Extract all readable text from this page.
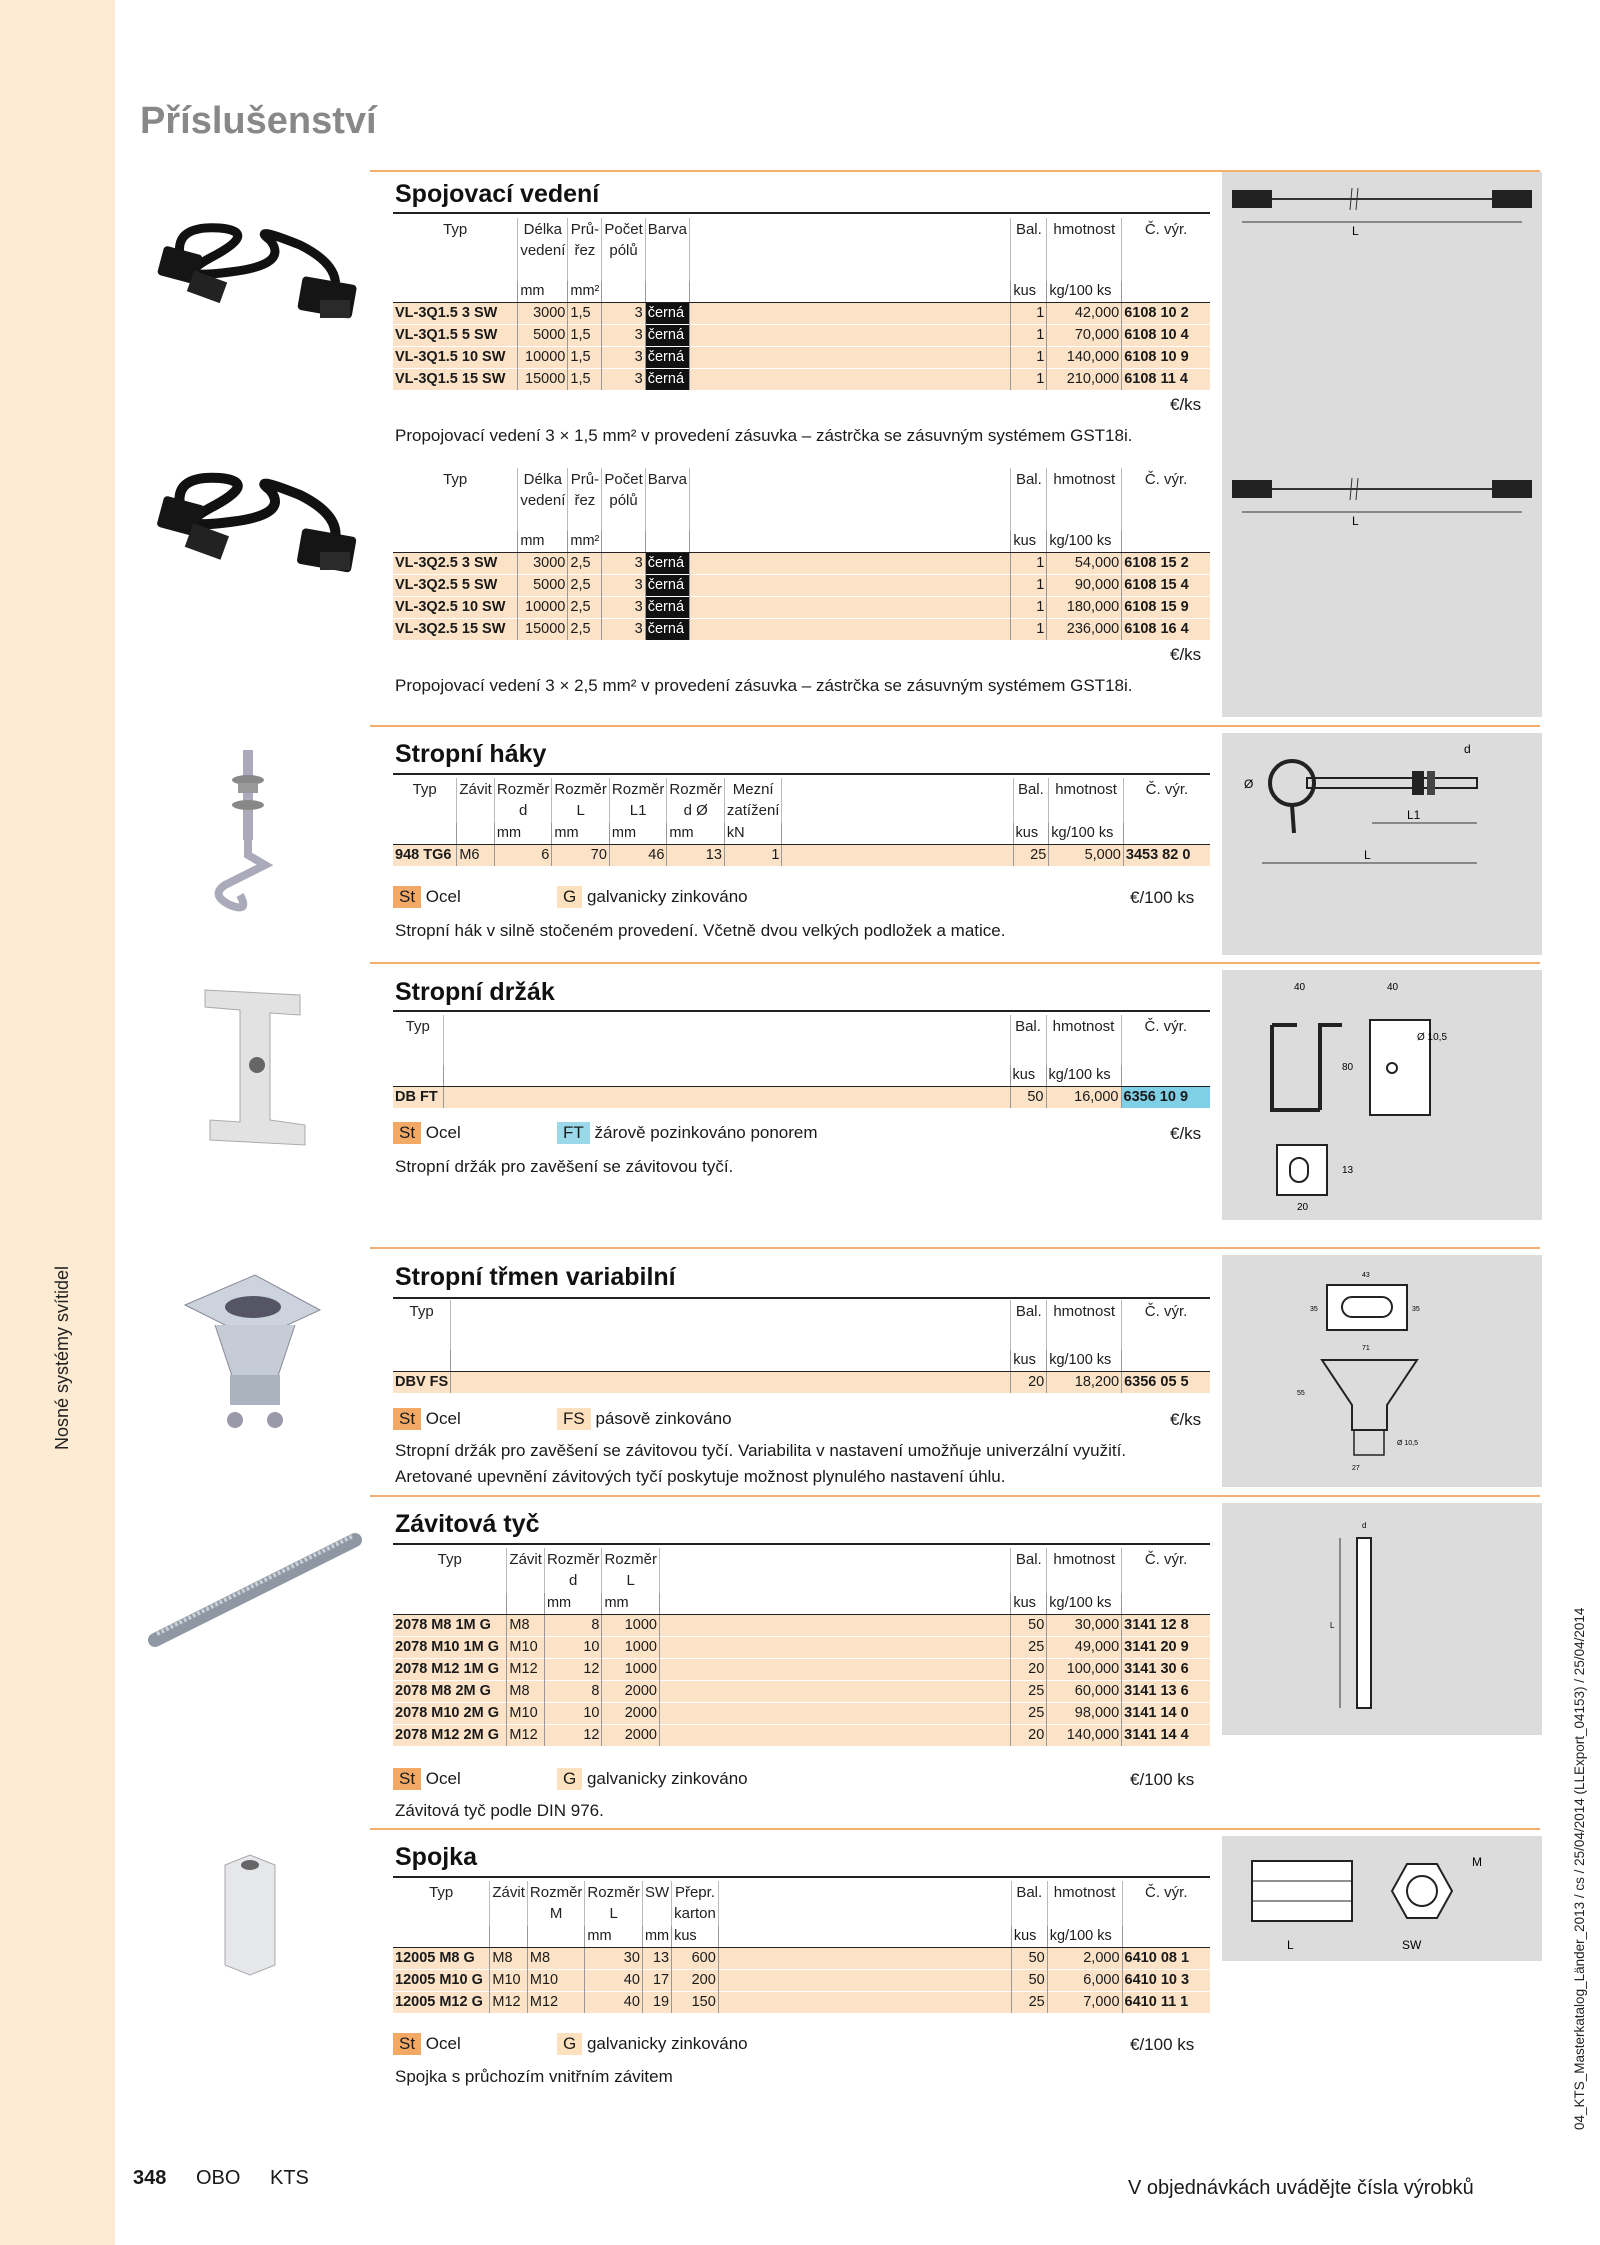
Nosné systémy svítidel
04_KTS_Masterkatalog_Länder_2013 / cs / 25/04/2014 (LLExport_04153) / 25/04/2014
Příslušenství
Spojovací vedení
Typ	Délka vedení	Prů- řez	Počet pólů	Barva		Bal.	hmotnost	Č. výr.

	mm	mm²				kus	kg/100 ks	
VL-3Q1.5 3 SW	3000	1,5	3	černá		1	42,000	6108 10 2
VL-3Q1.5 5 SW	5000	1,5	3	černá		1	70,000	6108 10 4
VL-3Q1.5 10 SW	10000	1,5	3	černá		1	140,000	6108 10 9
VL-3Q1.5 15 SW	15000	1,5	3	černá		1	210,000	6108 11 4
€/ks
Propojovací vedení 3 × 1,5 mm² v provedení zásuvka – zástrčka se zásuvným systémem GST18i.
L
Typ	Délka vedení	Prů- řez	Počet pólů	Barva		Bal.	hmotnost	Č. výr.

	mm	mm²				kus	kg/100 ks	
VL-3Q2.5 3 SW	3000	2,5	3	černá		1	54,000	6108 15 2
VL-3Q2.5 5 SW	5000	2,5	3	černá		1	90,000	6108 15 4
VL-3Q2.5 10 SW	10000	2,5	3	černá		1	180,000	6108 15 9
VL-3Q2.5 15 SW	15000	2,5	3	černá		1	236,000	6108 16 4
L
€/ks
Propojovací vedení 3 × 2,5 mm² v provedení zásuvka – zástrčka se zásuvným systémem GST18i.
Stropní háky
Typ	Závit	Rozměr d	Rozměr L	Rozměr L1	Rozměr d Ø	Mezní zatížení		Bal.	hmotnost	Č. výr.
		mm	mm	mm	mm	kN		kus	kg/100 ks	
948 TG6	M6	6	70	46	13	1		25	5,000	3453 82 0
St Ocel	G galvanicky zinkováno	€/100 ks
Stropní hák v silně stočeném provedení. Včetně dvou velkých podložek a matice.
L1
L
d
Ø
Stropní držák
Typ		Bal.	hmotnost	Č. výr.

		kus	kg/100 ks	
DB FT		50	16,000	6356 10 9
St Ocel	FT žárově pozinkováno ponorem	€/ks
Stropní držák pro zavěšení se závitovou tyčí.
40	40
80
Ø 10,5
13
20
Stropní třmen variabilní
Typ		Bal.	hmotnost	Č. výr.

		kus	kg/100 ks	
DBV FS		20	18,200	6356 05 5
St Ocel	FS pásově zinkováno	€/ks
Stropní držák pro zavěšení se závitovou tyčí. Variabilita v nastavení umožňuje univerzální využití.
Aretované upevnění závitových tyčí poskytuje možnost plynulého nastavení úhlu.
43
35
35
71
55
Ø 10,5
27
Závitová tyč
Typ	Závit	Rozměr d	Rozměr L		Bal.	hmotnost	Č. výr.
		mm	mm		kus	kg/100 ks	
2078 M8 1M G	M8	8	1000		50	30,000	3141 12 8
2078 M10 1M G	M10	10	1000		25	49,000	3141 20 9
2078 M12 1M G	M12	12	1000		20	100,000	3141 30 6
2078 M8 2M G	M8	8	2000		25	60,000	3141 13 6
2078 M10 2M G	M10	10	2000		25	98,000	3141 14 0
2078 M12 2M G	M12	12	2000		20	140,000	3141 14 4
St Ocel	G galvanicky zinkováno	€/100 ks
Závitová tyč podle DIN 976.
L
d
Spojka
Typ	Závit	Rozměr M	Rozměr L	SW	Přepr. karton		Bal.	hmotnost	Č. výr.
			mm	mm	kus		kus	kg/100 ks	
12005 M8 G	M8	M8	30	13	600		50	2,000	6410 08 1
12005 M10 G	M10	M10	40	17	200		50	6,000	6410 10 3
12005 M12 G	M12	M12	40	19	150		25	7,000	6410 11 1
St Ocel	G galvanicky zinkováno	€/100 ks
Spojka s průchozím vnitřním závitem
L	SW
M
348 OBO KTS	V objednávkách uvádějte čísla výrobků
